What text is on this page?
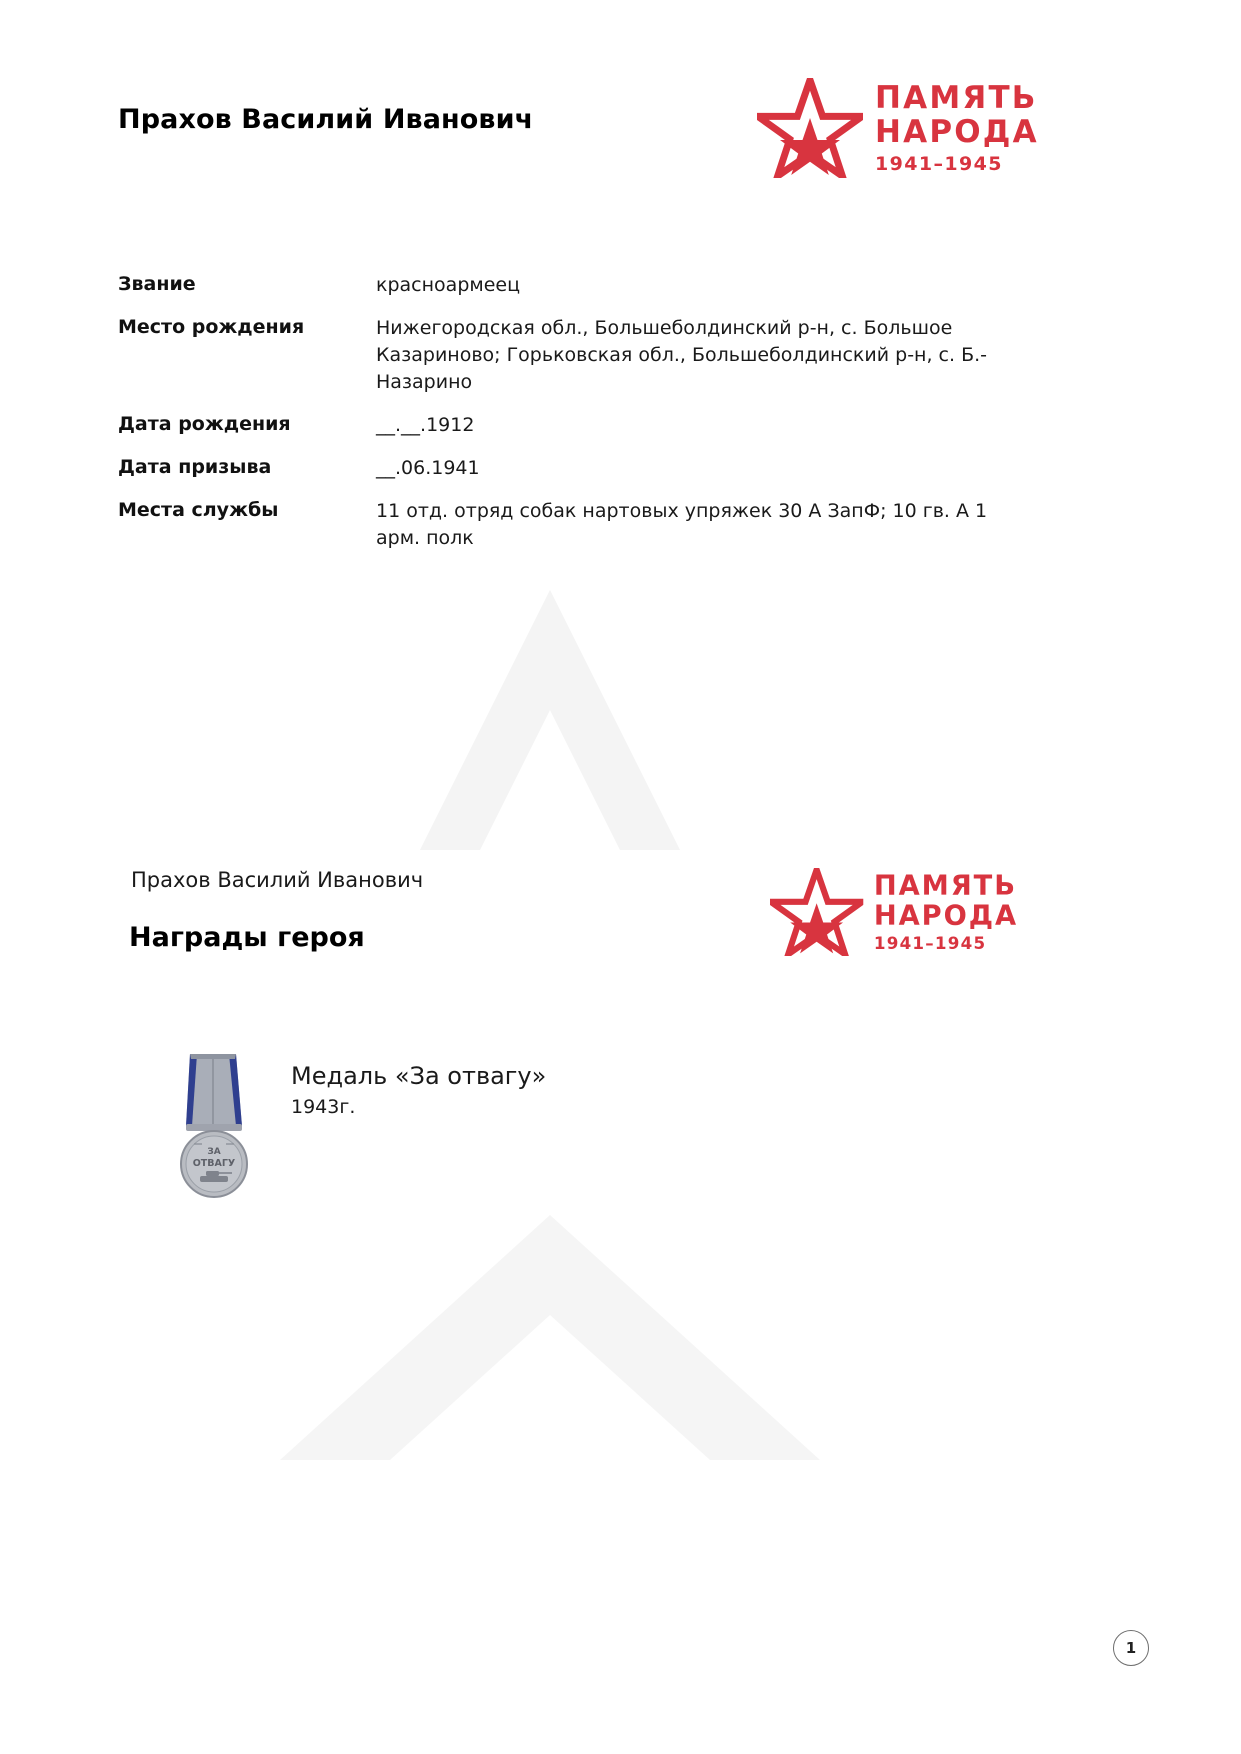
Прахов Василий Иванович
ПАМЯТЬ
НАРОДА
1941–1945
Звание	красноармеец
Место рождения	Нижегородская обл., Большеболдинский р-н, с. Большое Казариново; Горьковская обл., Большеболдинский р-н, с. Б.-Назарино
Дата рождения	__.__.1912
Дата призыва	__.06.1941
Места службы	11 отд. отряд собак нартовых упряжек 30 А ЗапФ; 10 гв. А 1 арм. полк
Прахов Василий Иванович
Награды героя
ПАМЯТЬ
НАРОДА
1941–1945
ЗА
ОТВАГУ
Медаль «За отвагу»
1943г.
1
